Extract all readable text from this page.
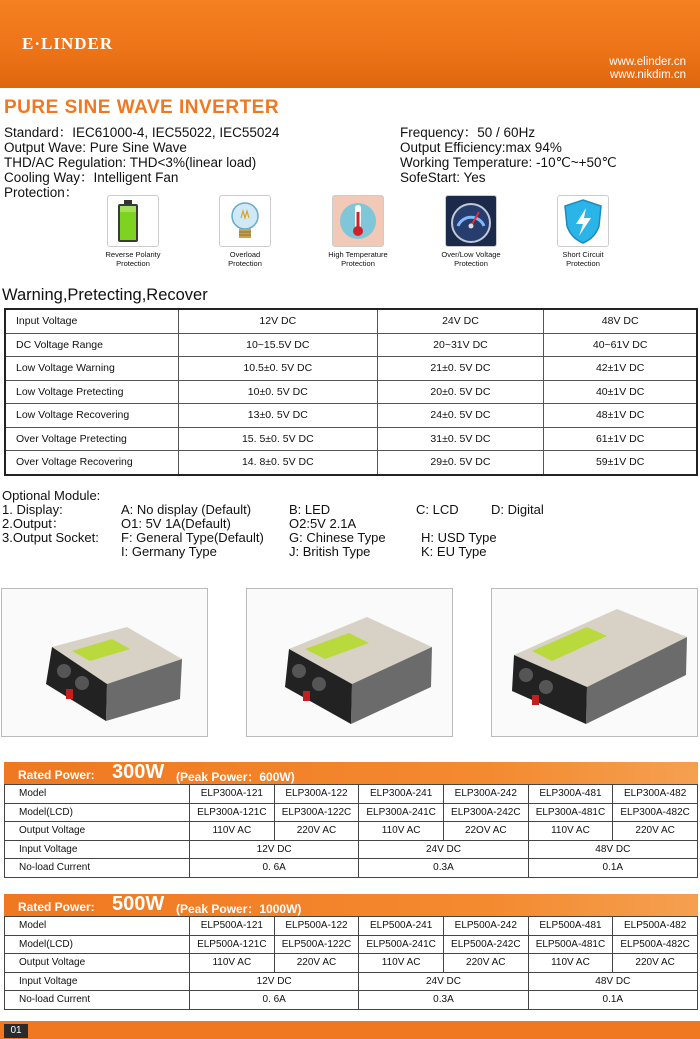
E·LINDER
www.elinder.cn
www.nikdim.cn
PURE SINE WAVE INVERTER
Standard：IEC61000-4, IEC55022, IEC55024
Output Wave: Pure Sine Wave
THD/AC Regulation: THD<3%(linear load)
Cooling Way：Intelligent Fan
Protection：
Frequency：50 / 60Hz
Output Efficiency:max 94%
Working Temperature: -10℃~+50℃
SofeStart: Yes
Reverse Polarity
Protection
Overload
Protection
High Temperature
Protection
Over/Low Voltage
Protection
Short Circuit
Protection
Warning,Pretecting,Recover
Input Voltage	12V DC	24V DC	48V DC
DC Voltage Range	10~15.5V DC	20~31V DC	40~61V DC
Low Voltage Warning	10.5±0. 5V DC	21±0. 5V DC	42±1V DC
Low Voltage Pretecting	10±0. 5V DC	20±0. 5V DC	40±1V DC
Low Voltage Recovering	13±0. 5V DC	24±0. 5V DC	48±1V DC
Over Voltage Pretecting	15. 5±0. 5V DC	31±0. 5V DC	61±1V DC
Over Voltage Recovering	14. 8±0. 5V DC	29±0. 5V DC	59±1V DC
Optional Module:
1. Display:	A: No display (Default)	B: LED	C: LCD D: Digital
2.Output：	O1: 5V 1A(Default)	O2:5V 2.1A
3.Output Socket: F: General Type(Default) G: Chinese Type	H: USD Type
I: Germany Type	J: British Type	K: EU Type
Rated Power: 300W (Peak Power：600W)
Model	ELP300A-121	ELP300A-122	ELP300A-241	ELP300A-242	ELP300A-481	ELP300A-482
Model(LCD)	ELP300A-121C	ELP300A-122C	ELP300A-241C	ELP300A-242C	ELP300A-481C	ELP300A-482C
Output Voltage	110V AC	220V AC	110V AC	22OV AC	110V AC	220V AC
Input Voltage	12V DC		24V DC		48V DC	
No-load Current	0. 6A		0.3A		0.1A	
Rated Power: 500W (Peak Power：1000W)
Model	ELP500A-121	ELP500A-122	ELP500A-241	ELP500A-242	ELP500A-481	ELP500A-482
Model(LCD)	ELP500A-121C	ELP500A-122C	ELP500A-241C	ELP500A-242C	ELP500A-481C	ELP500A-482C
Output Voltage	110V AC	220V AC	110V AC	220V AC	110V AC	220V AC
Input Voltage	12V DC		24V DC		48V DC	
No-load Current	0. 6A		0.3A		0.1A	
01
